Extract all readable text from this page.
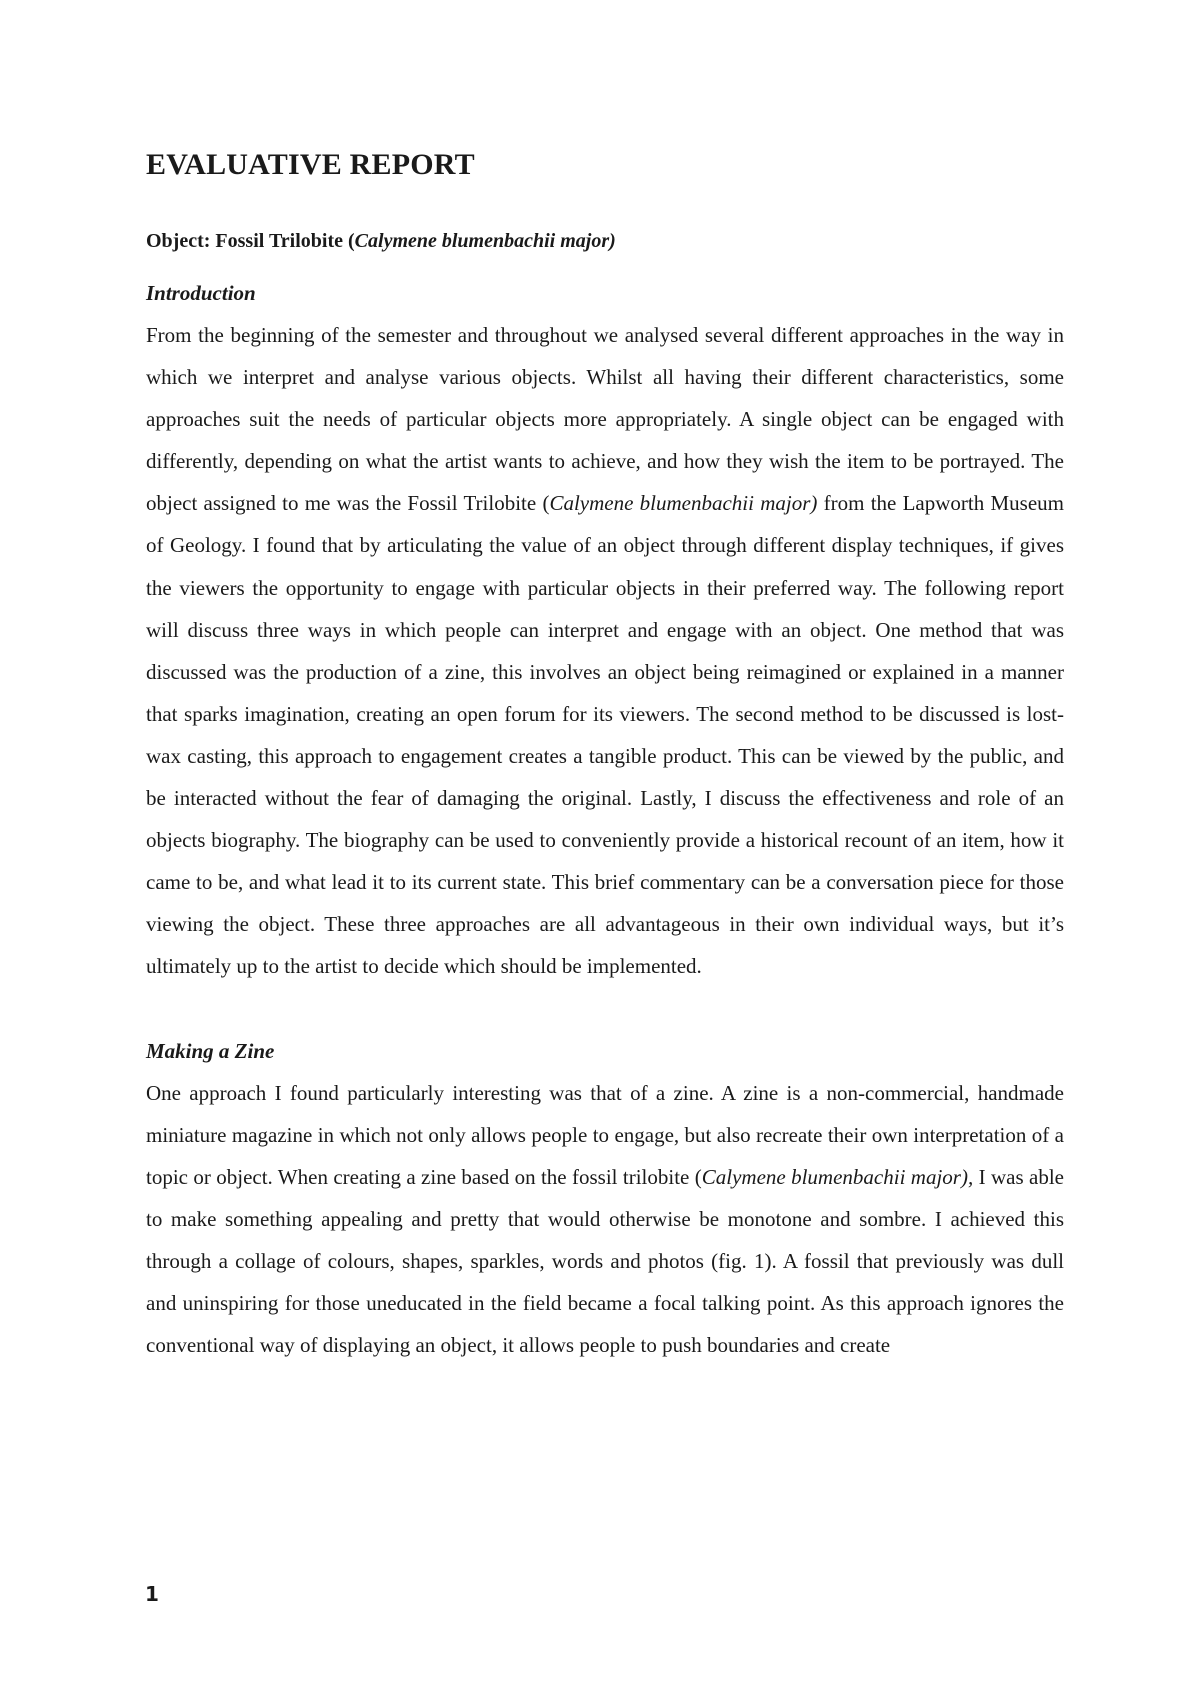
EVALUATIVE REPORT

Object: Fossil Trilobite (Calymene blumenbachii major)

Introduction

From the beginning of the semester and throughout we analysed several different approaches in the way in which we interpret and analyse various objects. Whilst all having their different characteristics, some approaches suit the needs of particular objects more appropriately. A single object can be engaged with differently, depending on what the artist wants to achieve, and how they wish the item to be portrayed. The object assigned to me was the Fossil Trilobite (Calymene blumenbachii major) from the Lapworth Museum of Geology. I found that by articulating the value of an object through different display techniques, if gives the viewers the opportunity to engage with particular objects in their preferred way. The following report will discuss three ways in which people can interpret and engage with an object. One method that was discussed was the production of a zine, this involves an object being reimagined or explained in a manner that sparks imagination, creating an open forum for its viewers. The second method to be discussed is lost-wax casting, this approach to engagement creates a tangible product. This can be viewed by the public, and be interacted without the fear of damaging the original. Lastly, I discuss the effectiveness and role of an objects biography. The biography can be used to conveniently provide a historical recount of an item, how it came to be, and what lead it to its current state. This brief commentary can be a conversation piece for those viewing the object. These three approaches are all advantageous in their own individual ways, but it’s ultimately up to the artist to decide which should be implemented.

Making a Zine

One approach I found particularly interesting was that of a zine. A zine is a non-commercial, handmade miniature magazine in which not only allows people to engage, but also recreate their own interpretation of a topic or object. When creating a zine based on the fossil trilobite (Calymene blumenbachii major), I was able to make something appealing and pretty that would otherwise be monotone and sombre. I achieved this through a collage of colours, shapes, sparkles, words and photos (fig. 1). A fossil that previously was dull and uninspiring for those uneducated in the field became a focal talking point. As this approach ignores the conventional way of displaying an object, it allows people to push boundaries and create

1
